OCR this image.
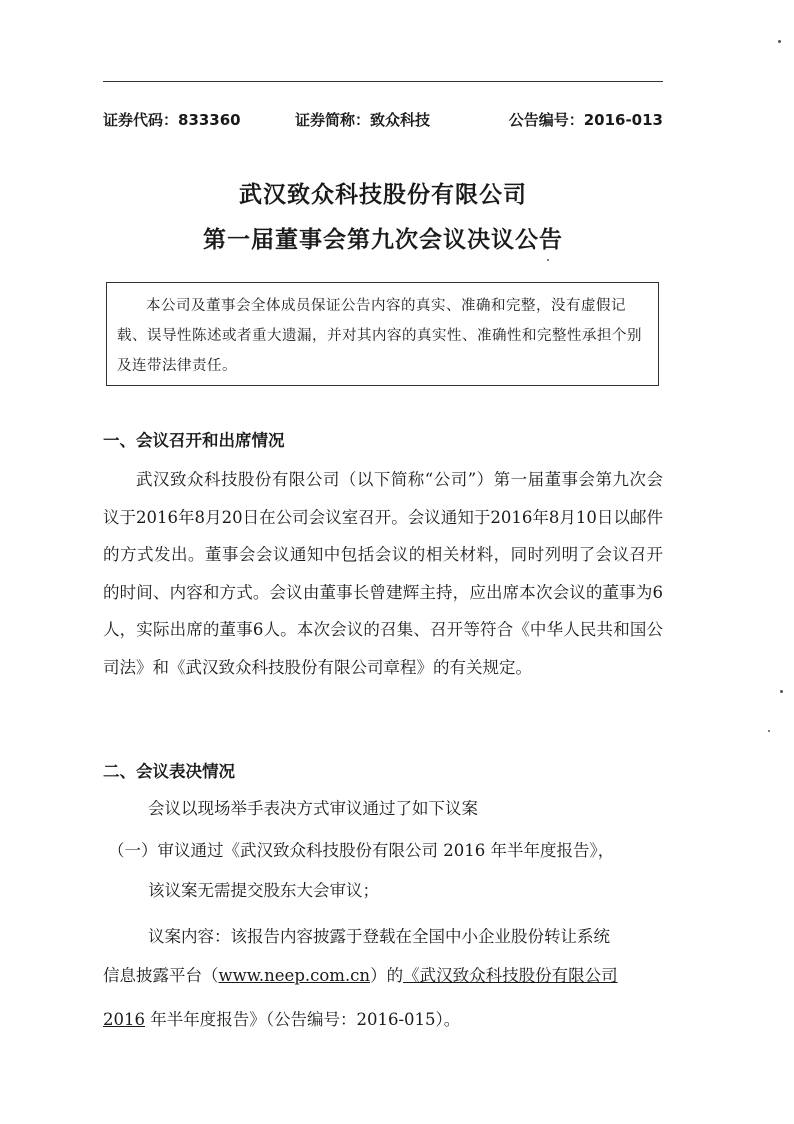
证券代码：833360	证券简称：致众科技	公告编号：2016-013
武汉致众科技股份有限公司
第一届董事会第九次会议决议公告
本公司及董事会全体成员保证公告内容的真实、准确和完整，没有虚假记载、误导性陈述或者重大遗漏，并对其内容的真实性、准确性和完整性承担个别及连带法律责任。
一、会议召开和出席情况
武汉致众科技股份有限公司（以下简称“公司”）第一届董事会第九次会议于2016年8月20日在公司会议室召开。会议通知于2016年8月10日以邮件的方式发出。董事会会议通知中包括会议的相关材料，同时列明了会议召开的时间、内容和方式。会议由董事长曾建辉主持，应出席本次会议的董事为6人，实际出席的董事6人。本次会议的召集、召开等符合《中华人民共和国公司法》和《武汉致众科技股份有限公司章程》的有关规定。
二、会议表决情况
会议以现场举手表决方式审议通过了如下议案
（一）审议通过《武汉致众科技股份有限公司 2016 年半年度报告》，
该议案无需提交股东大会审议；
议案内容：该报告内容披露于登载在全国中小企业股份转让系统
信息披露平台（www.neep.com.cn）的《武汉致众科技股份有限公司
2016 年半年度报告》（公告编号：2016-015）。
